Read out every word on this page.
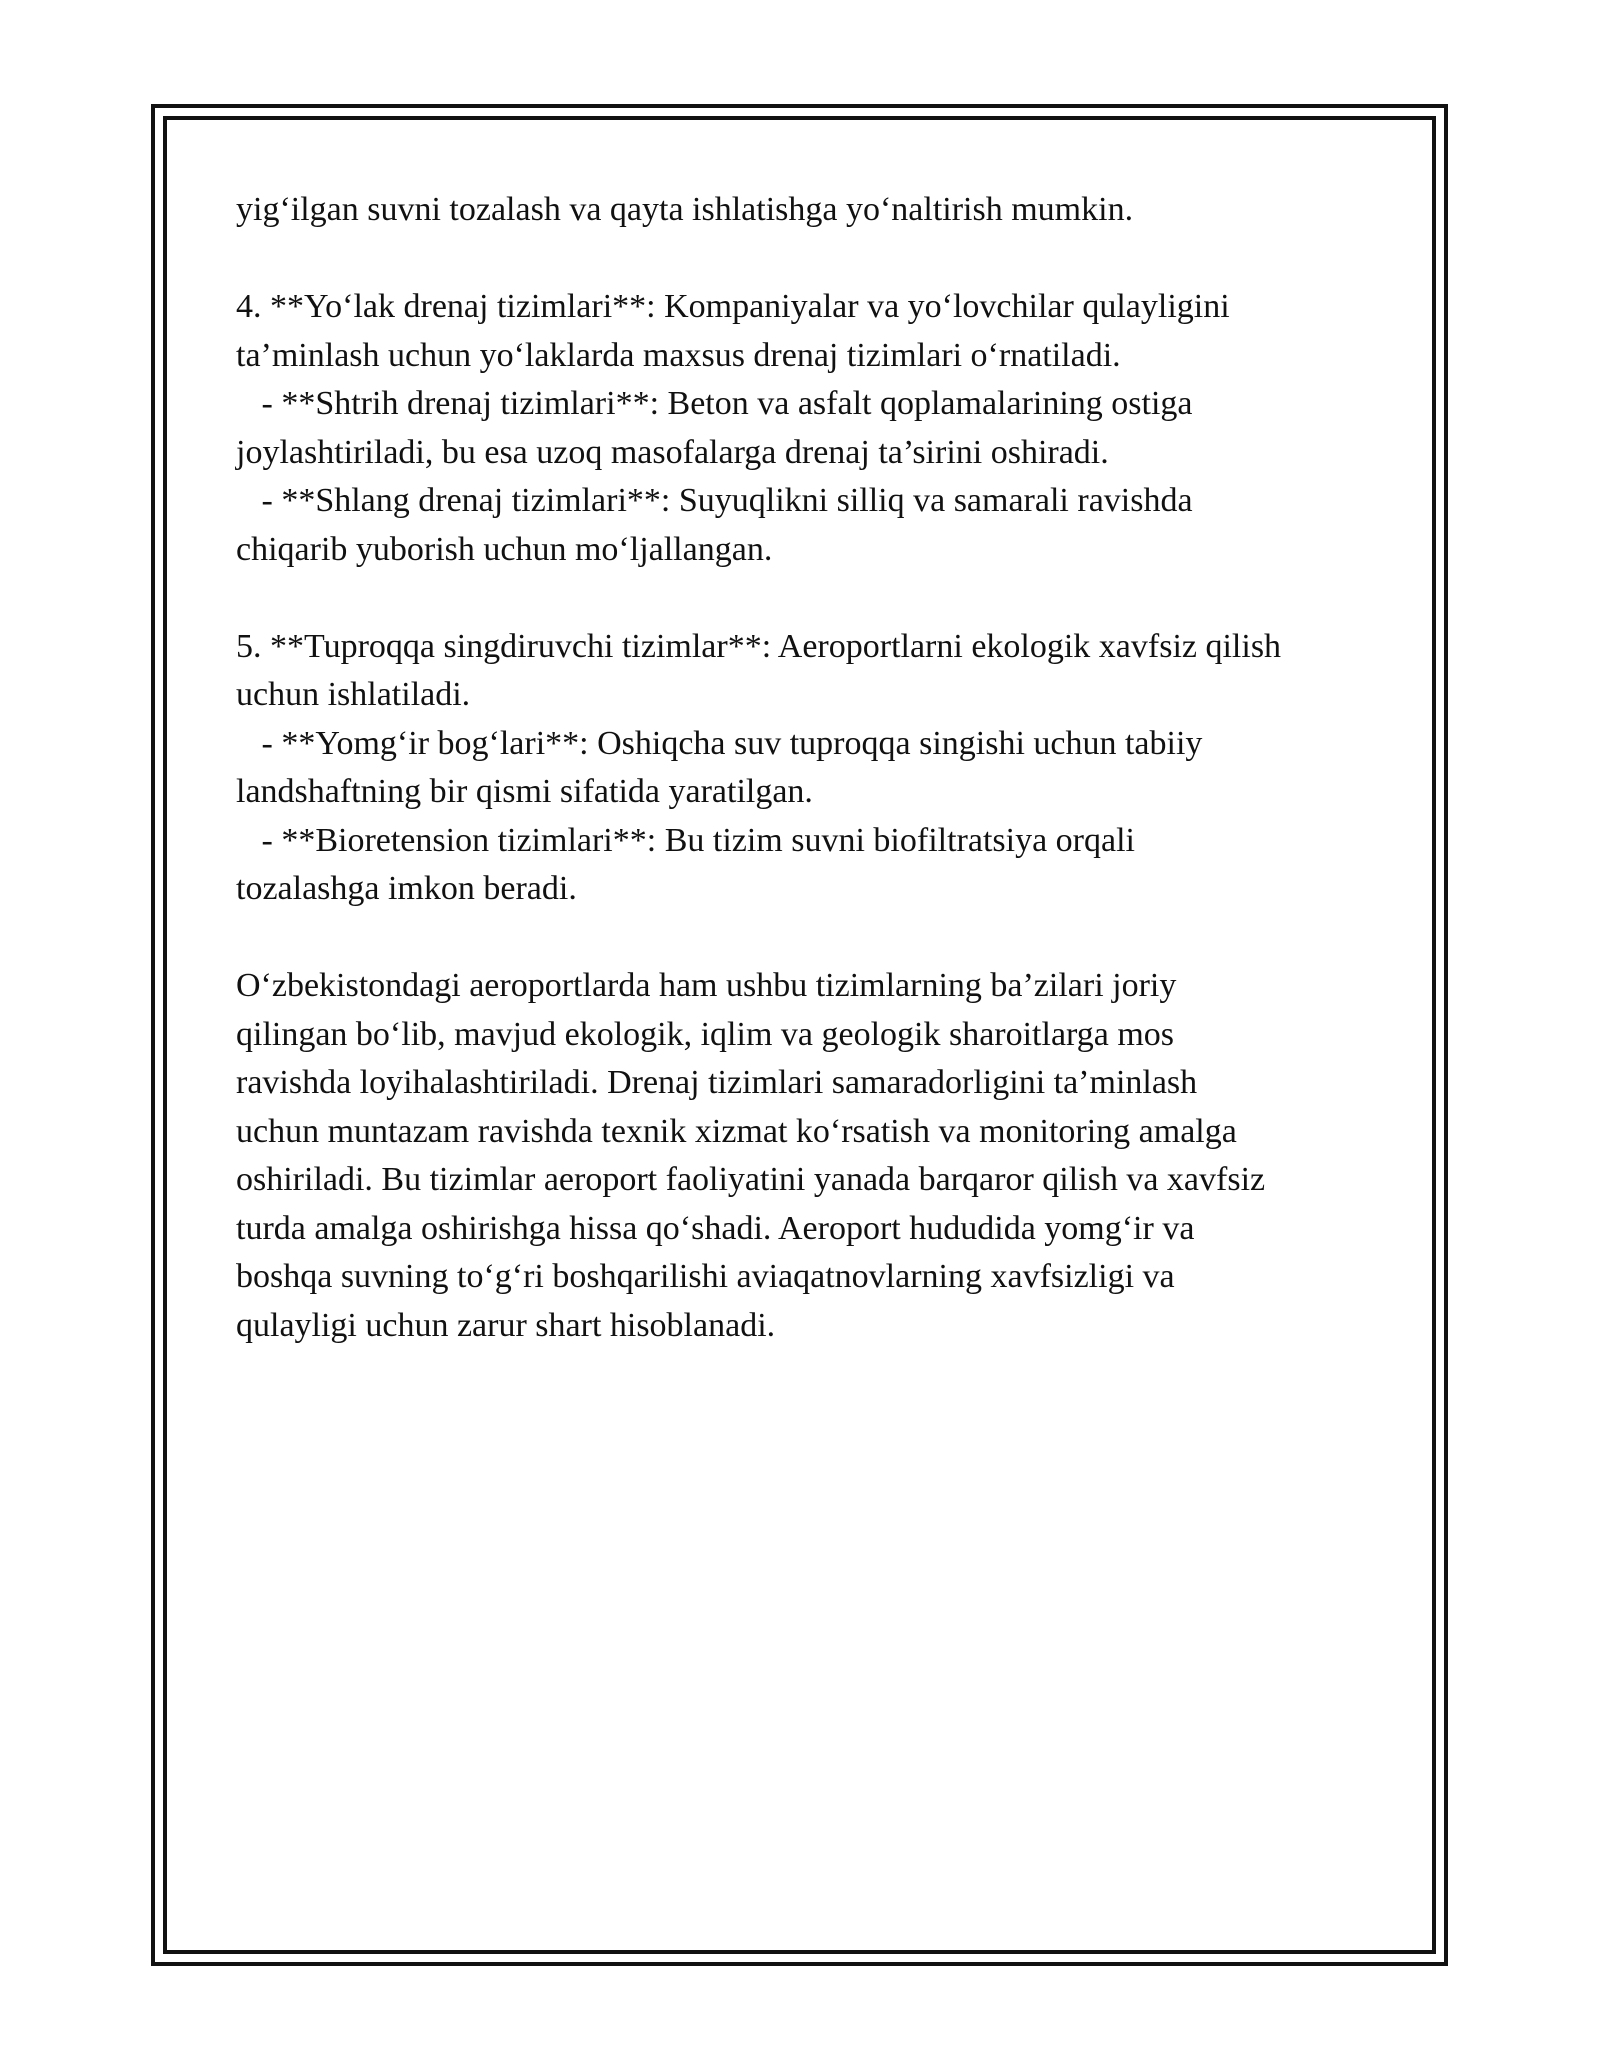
yig‘ilgan suvni tozalash va qayta ishlatishga yo‘naltirish mumkin.
4. **Yo‘lak drenaj tizimlari**: Kompaniyalar va yo‘lovchilar qulayligini
ta’minlash uchun yo‘laklarda maxsus drenaj tizimlari o‘rnatiladi.
- **Shtrih drenaj tizimlari**: Beton va asfalt qoplamalarining ostiga
joylashtiriladi, bu esa uzoq masofalarga drenaj ta’sirini oshiradi.
- **Shlang drenaj tizimlari**: Suyuqlikni silliq va samarali ravishda
chiqarib yuborish uchun mo‘ljallangan.
5. **Tuproqqa singdiruvchi tizimlar**: Aeroportlarni ekologik xavfsiz qilish
uchun ishlatiladi.
- **Yomg‘ir bog‘lari**: Oshiqcha suv tuproqqa singishi uchun tabiiy
landshaftning bir qismi sifatida yaratilgan.
- **Bioretension tizimlari**: Bu tizim suvni biofiltratsiya orqali
tozalashga imkon beradi.
O‘zbekistondagi aeroportlarda ham ushbu tizimlarning ba’zilari joriy
qilingan bo‘lib, mavjud ekologik, iqlim va geologik sharoitlarga mos
ravishda loyihalashtiriladi. Drenaj tizimlari samaradorligini ta’minlash
uchun muntazam ravishda texnik xizmat ko‘rsatish va monitoring amalga
oshiriladi. Bu tizimlar aeroport faoliyatini yanada barqaror qilish va xavfsiz
turda amalga oshirishga hissa qo‘shadi. Aeroport hududida yomg‘ir va
boshqa suvning to‘g‘ri boshqarilishi aviaqatnovlarning xavfsizligi va
qulayligi uchun zarur shart hisoblanadi.
